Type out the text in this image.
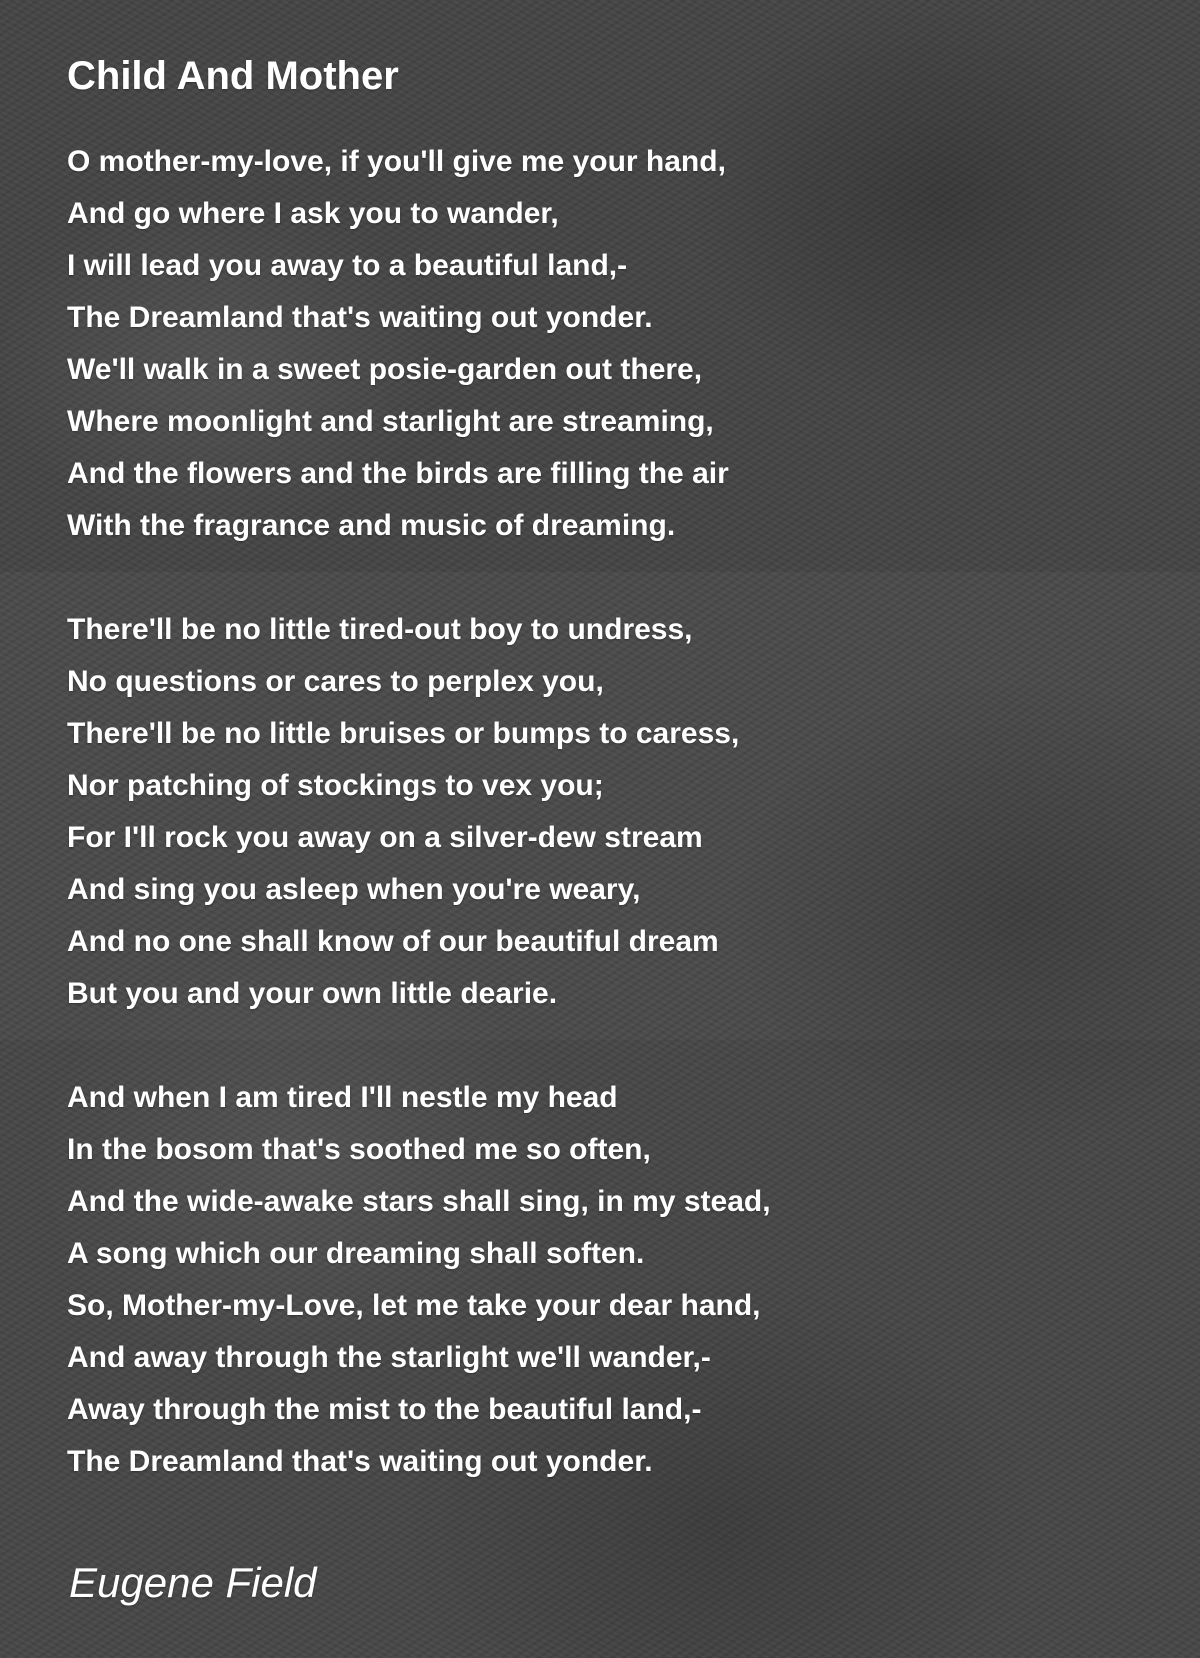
Child And Mother
O mother-my-love, if you'll give me your hand,
And go where I ask you to wander,
I will lead you away to a beautiful land,-
The Dreamland that's waiting out yonder.
We'll walk in a sweet posie-garden out there,
Where moonlight and starlight are streaming,
And the flowers and the birds are filling the air
With the fragrance and music of dreaming.
There'll be no little tired-out boy to undress,
No questions or cares to perplex you,
There'll be no little bruises or bumps to caress,
Nor patching of stockings to vex you;
For I'll rock you away on a silver-dew stream
And sing you asleep when you're weary,
And no one shall know of our beautiful dream
But you and your own little dearie.
And when I am tired I'll nestle my head
In the bosom that's soothed me so often,
And the wide-awake stars shall sing, in my stead,
A song which our dreaming shall soften.
So, Mother-my-Love, let me take your dear hand,
And away through the starlight we'll wander,-
Away through the mist to the beautiful land,-
The Dreamland that's waiting out yonder.
Eugene Field
